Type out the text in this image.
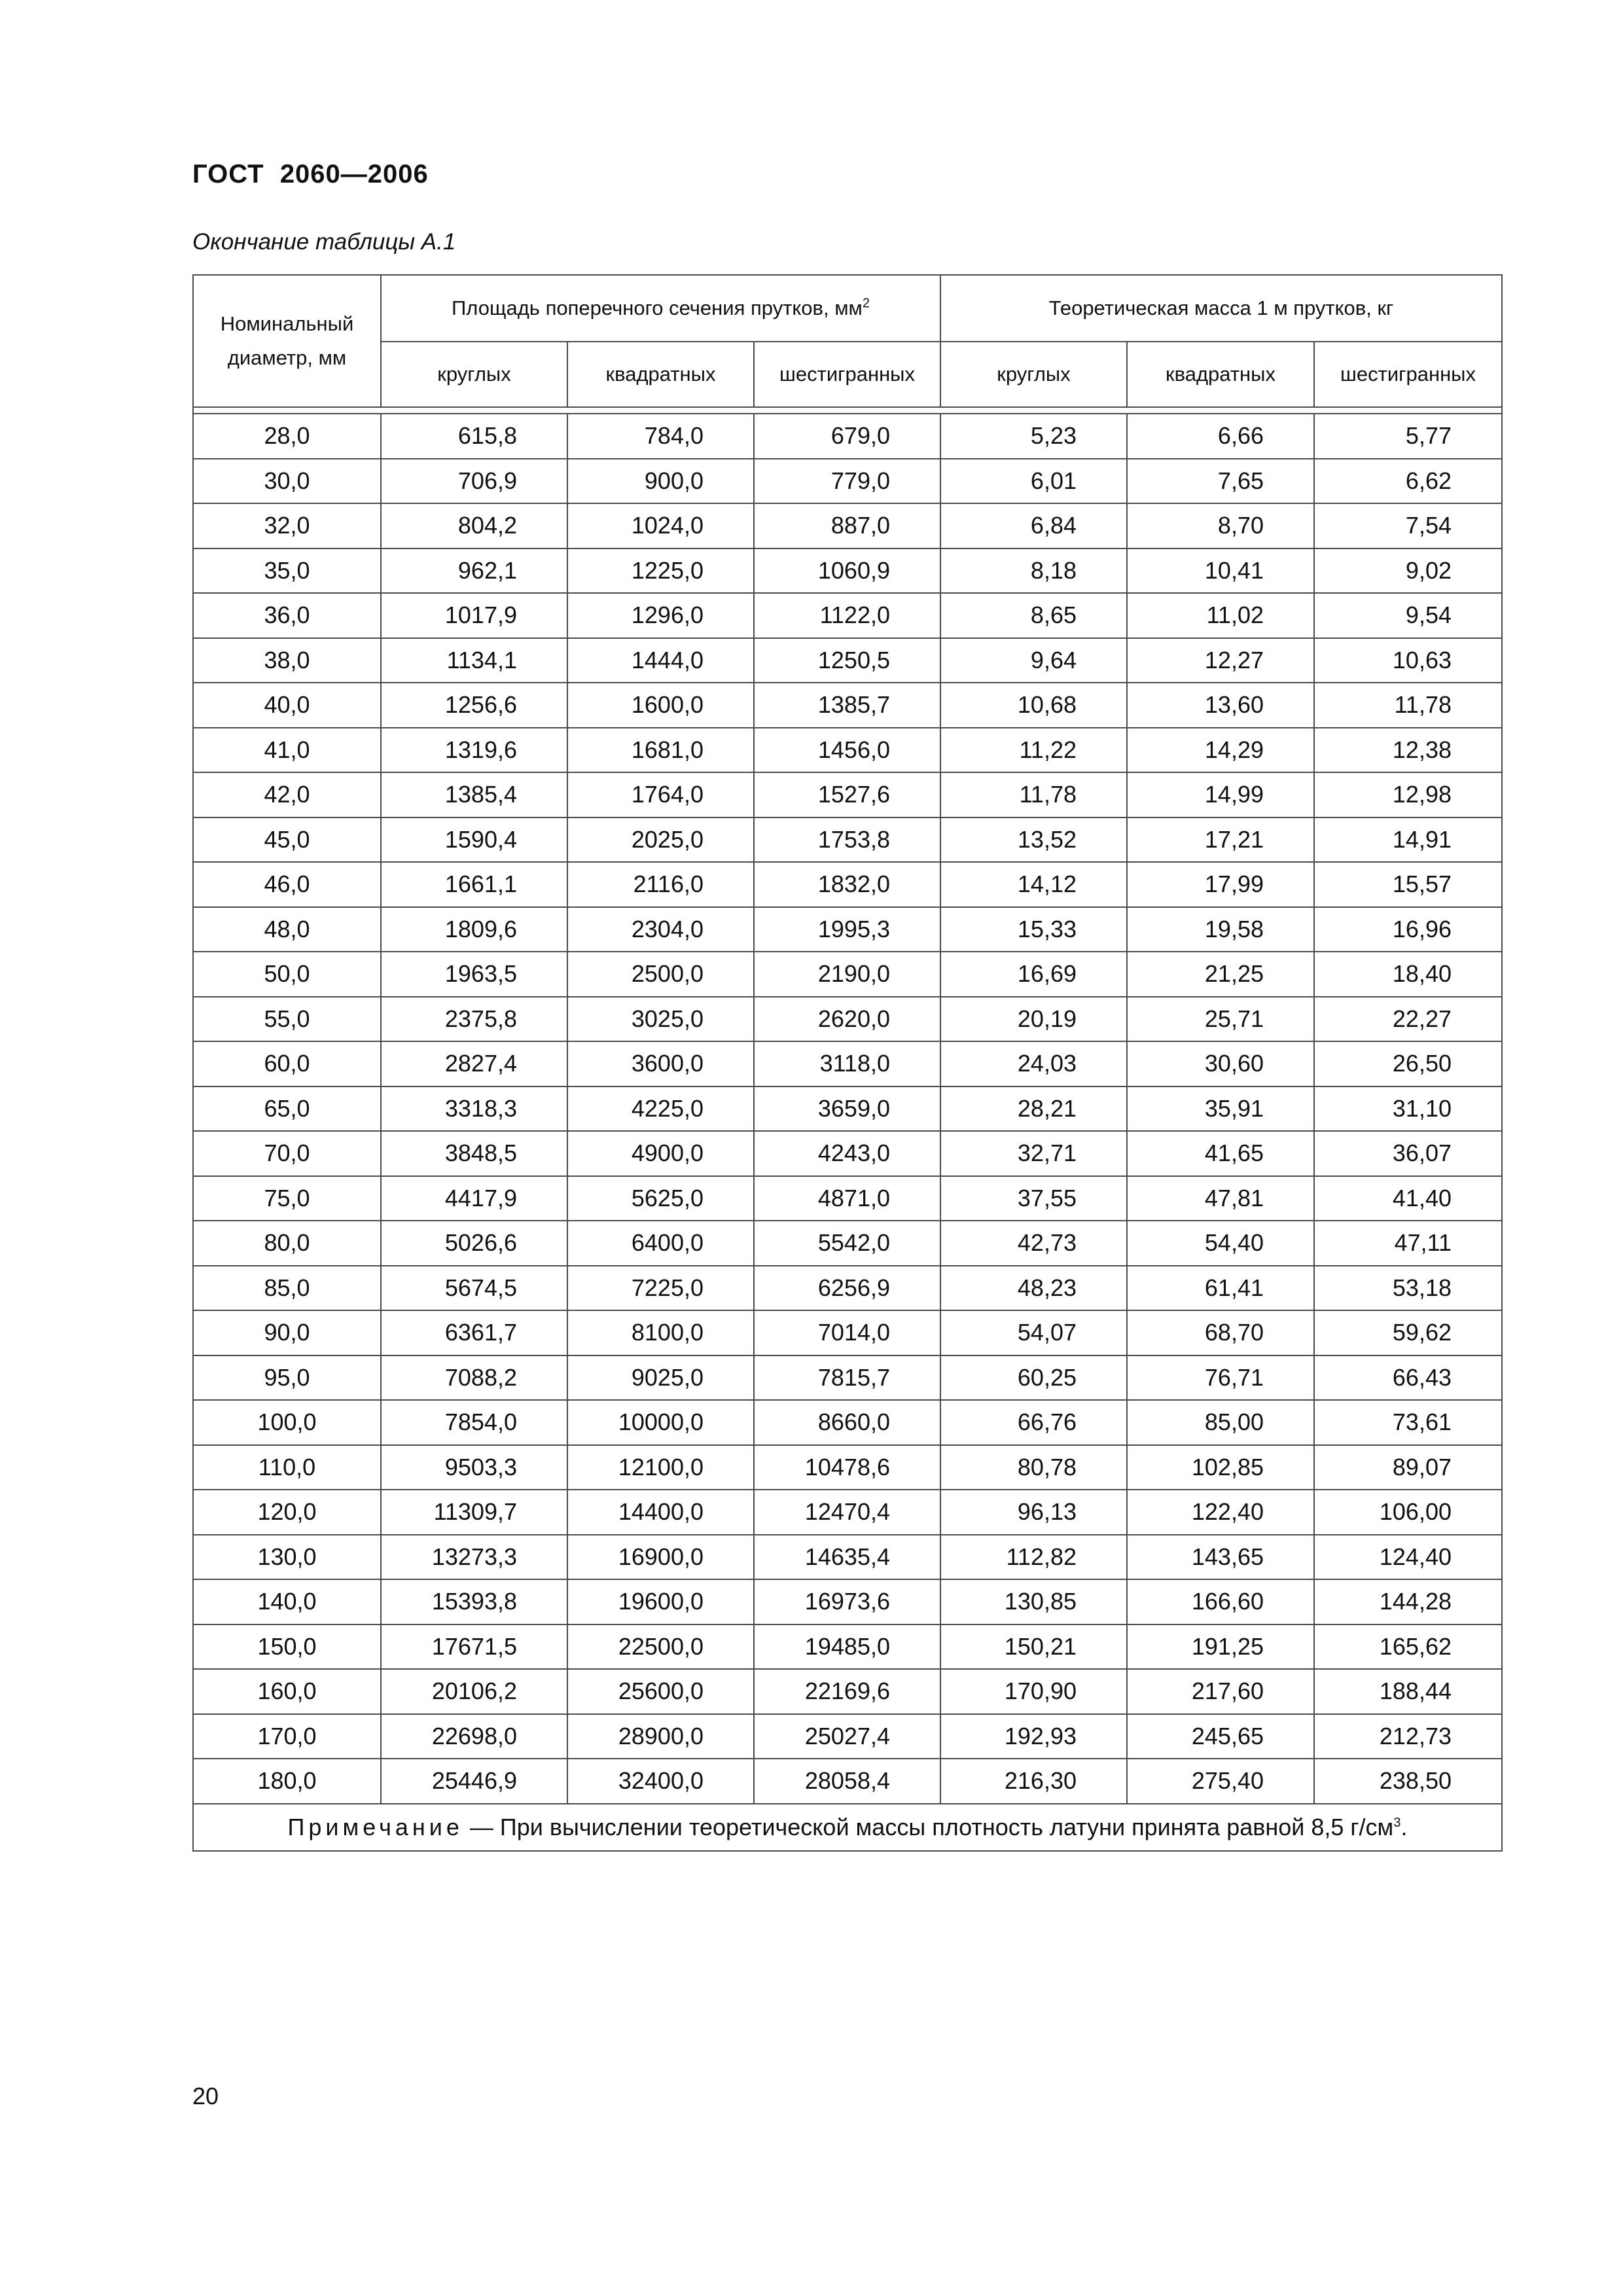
ГОСТ  2060—2006
Окончание таблицы А.1
Номинальный диаметр, мм	Площадь поперечного сечения прутков, $мм^2$			Теоретическая масса 1 м прутков, кг		
	круглых	квадратных	шестигранных	круглых	квадратных	шестигранных

28,0	615,8	784,0	679,0	5,23	6,66	5,77
30,0	706,9	900,0	779,0	6,01	7,65	6,62
32,0	804,2	1024,0	887,0	6,84	8,70	7,54
35,0	962,1	1225,0	1060,9	8,18	10,41	9,02
36,0	1017,9	1296,0	1122,0	8,65	11,02	9,54
38,0	1134,1	1444,0	1250,5	9,64	12,27	10,63
40,0	1256,6	1600,0	1385,7	10,68	13,60	11,78
41,0	1319,6	1681,0	1456,0	11,22	14,29	12,38
42,0	1385,4	1764,0	1527,6	11,78	14,99	12,98
45,0	1590,4	2025,0	1753,8	13,52	17,21	14,91
46,0	1661,1	2116,0	1832,0	14,12	17,99	15,57
48,0	1809,6	2304,0	1995,3	15,33	19,58	16,96
50,0	1963,5	2500,0	2190,0	16,69	21,25	18,40
55,0	2375,8	3025,0	2620,0	20,19	25,71	22,27
60,0	2827,4	3600,0	3118,0	24,03	30,60	26,50
65,0	3318,3	4225,0	3659,0	28,21	35,91	31,10
70,0	3848,5	4900,0	4243,0	32,71	41,65	36,07
75,0	4417,9	5625,0	4871,0	37,55	47,81	41,40
80,0	5026,6	6400,0	5542,0	42,73	54,40	47,11
85,0	5674,5	7225,0	6256,9	48,23	61,41	53,18
90,0	6361,7	8100,0	7014,0	54,07	68,70	59,62
95,0	7088,2	9025,0	7815,7	60,25	76,71	66,43
100,0	7854,0	10000,0	8660,0	66,76	85,00	73,61
110,0	9503,3	12100,0	10478,6	80,78	102,85	89,07
120,0	11309,7	14400,0	12470,4	96,13	122,40	106,00
130,0	13273,3	16900,0	14635,4	112,82	143,65	124,40
140,0	15393,8	19600,0	16973,6	130,85	166,60	144,28
150,0	17671,5	22500,0	19485,0	150,21	191,25	165,62
160,0	20106,2	25600,0	22169,6	170,90	217,60	188,44
170,0	22698,0	28900,0	25027,4	192,93	245,65	212,73
180,0	25446,9	32400,0	28058,4	216,30	275,40	238,50
Примечание — При вычислении теоретической массы плотность латуни принята равной 8,5 $г/см^3$.						
20
